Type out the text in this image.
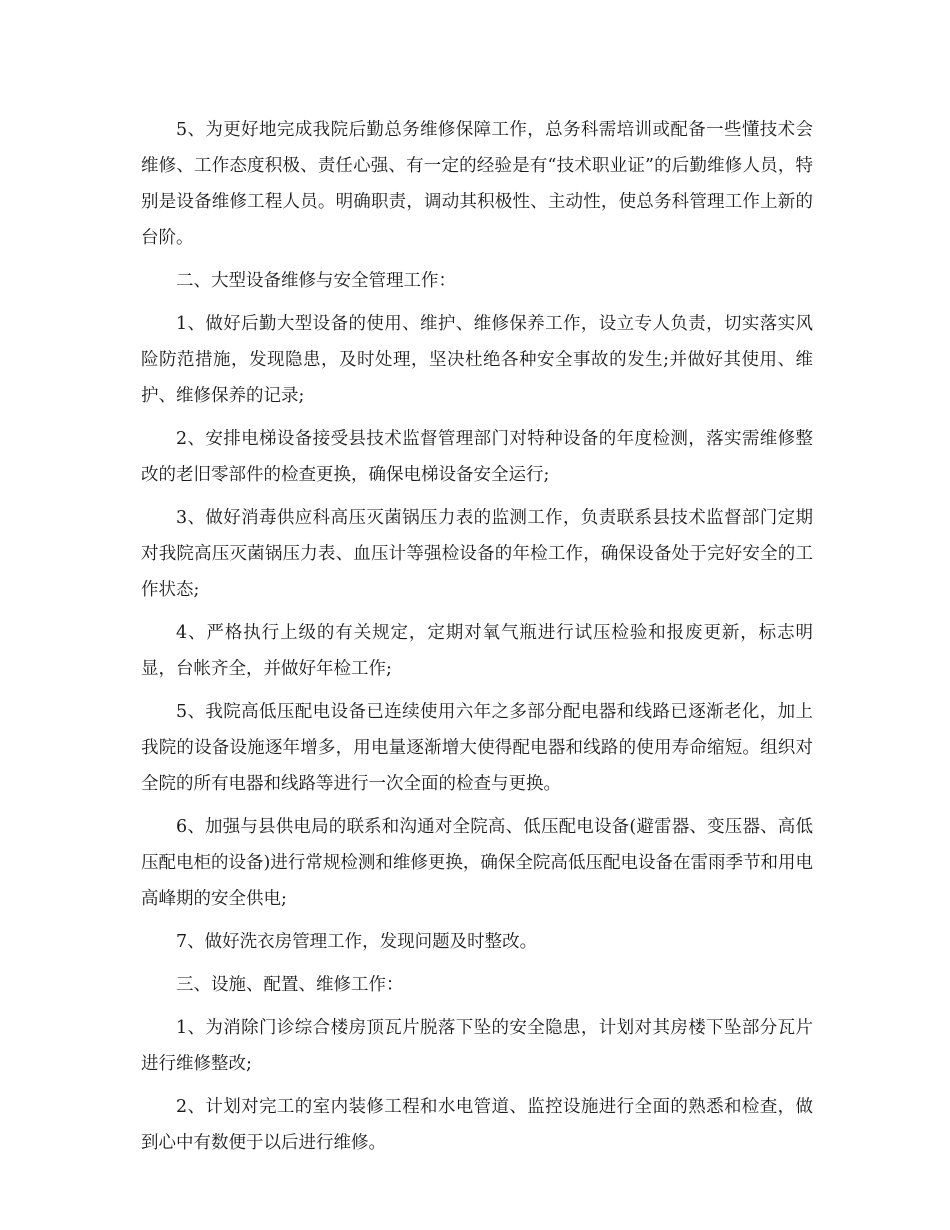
5、为更好地完成我院后勤总务维修保障工作，总务科需培训或配备一些懂技术会维修、工作态度积极、责任心强、有一定的经验是有“技术职业证”的后勤维修人员，特别是设备维修工程人员。明确职责，调动其积极性、主动性，使总务科管理工作上新的台阶。

二、大型设备维修与安全管理工作：

1、做好后勤大型设备的使用、维护、维修保养工作，设立专人负责，切实落实风险防范措施，发现隐患，及时处理，坚决杜绝各种安全事故的发生;并做好其使用、维护、维修保养的记录;

2、安排电梯设备接受县技术监督管理部门对特种设备的年度检测，落实需维修整改的老旧零部件的检查更换，确保电梯设备安全运行;

3、做好消毒供应科高压灭菌锅压力表的监测工作，负责联系县技术监督部门定期对我院高压灭菌锅压力表、血压计等强检设备的年检工作，确保设备处于完好安全的工作状态;

4、严格执行上级的有关规定，定期对氧气瓶进行试压检验和报废更新，标志明显，台帐齐全，并做好年检工作;

5、我院高低压配电设备已连续使用六年之多部分配电器和线路已逐渐老化，加上我院的设备设施逐年增多，用电量逐渐增大使得配电器和线路的使用寿命缩短。组织对全院的所有电器和线路等进行一次全面的检查与更换。

6、加强与县供电局的联系和沟通对全院高、低压配电设备(避雷器、变压器、高低压配电柜的设备)进行常规检测和维修更换，确保全院高低压配电设备在雷雨季节和用电高峰期的安全供电;

7、做好洗衣房管理工作，发现问题及时整改。

三、设施、配置、维修工作：

1、为消除门诊综合楼房顶瓦片脱落下坠的安全隐患，计划对其房楼下坠部分瓦片进行维修整改;

2、计划对完工的室内装修工程和水电管道、监控设施进行全面的熟悉和检查，做到心中有数便于以后进行维修。
